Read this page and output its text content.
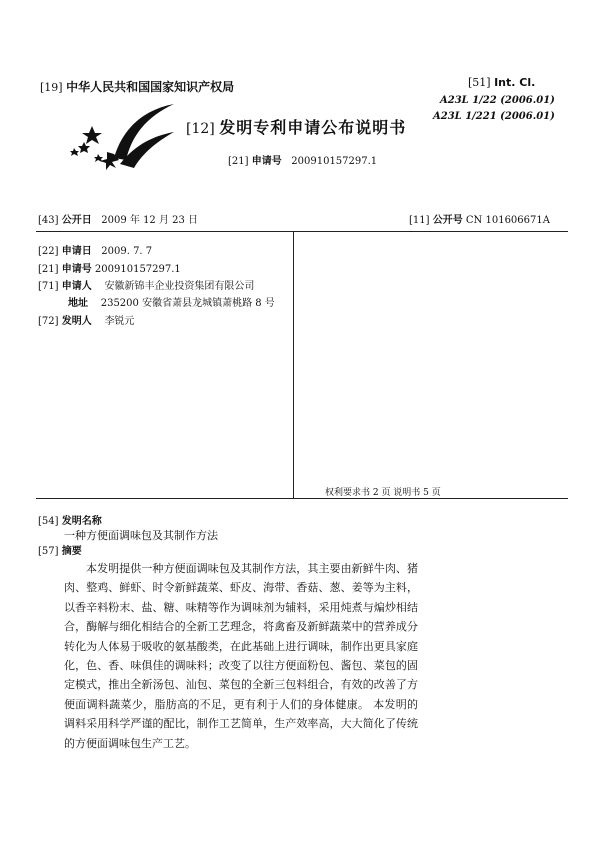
[19] 中华人民共和国国家知识产权局	[51] Int. Cl.
A23L 1/22 (2006.01)
A23L 1/221 (2006.01)
[12] 发明专利申请公布说明书
[21] 申请号 200910157297.1
[43] 公开日 2009 年 12 月 23 日	[11] 公开号 CN 101606671A
[22] 申请日 2009. 7. 7
[21] 申请号 200910157297.1
[71] 申请人 安徽新锦丰企业投资集团有限公司
地址 235200 安徽省萧县龙城镇萧桃路 8 号
[72] 发明人 李锐元
权利要求书 2 页 说明书 5 页
[54] 发明名称
一种方便面调味包及其制作方法
[57] 摘要

本发明提供一种方便面调味包及其制作方法，其主要由新鲜牛肉、猪肉、整鸡、鲜虾、时令新鲜蔬菜、虾皮、海带、香菇、葱、姜等为主料，以香辛料粉末、盐、糖、味精等作为调味剂为辅料，采用炖煮与煸炒相结合，酶解与细化相结合的全新工艺理念，将禽畜及新鲜蔬菜中的营养成分转化为人体易于吸收的氨基酸类，在此基础上进行调味，制作出更具家庭化，色、香、味俱佳的调味料；改变了以往方便面粉包、酱包、菜包的固定模式，推出全新汤包、汕包、菜包的全新三包料组合，有效的改善了方便面调料蔬菜少，脂肪高的不足，更有利于人们的身体健康。 本发明的调料采用科学严谨的配比，制作工艺简单，生产效率高，大大简化了传统的方便面调味包生产工艺。
